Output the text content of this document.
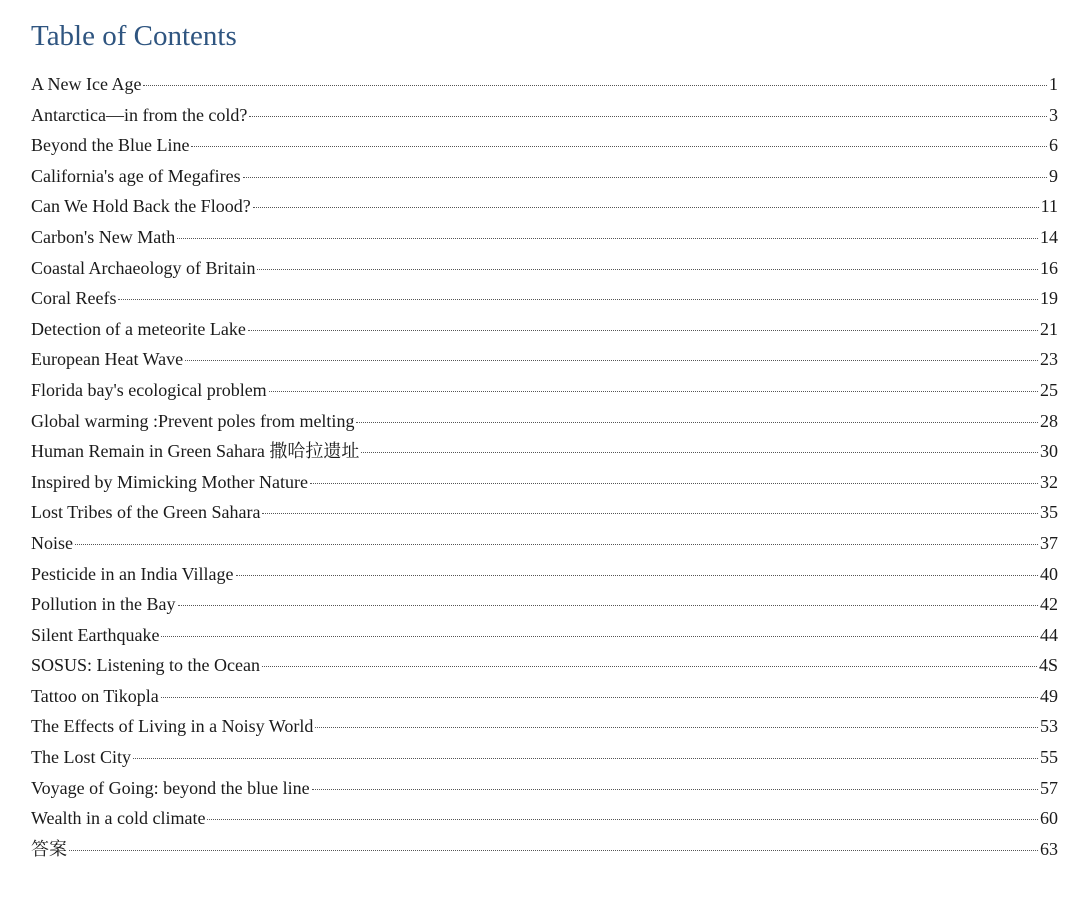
Table of Contents
A New Ice Age	1
Antarctica—in from the cold?	3
Beyond the Blue Line	6
California's age of Megafires	9
Can We Hold Back the Flood?	11
Carbon's New Math	14
Coastal Archaeology of Britain	16
Coral Reefs	19
Detection of a meteorite Lake	21
European Heat Wave	23
Florida bay's ecological problem	25
Global warming :Prevent poles from melting	28
Human Remain in Green Sahara 撒哈拉遗址	30
Inspired by Mimicking Mother Nature	32
Lost Tribes of the Green Sahara	35
Noise	37
Pesticide in an India Village	40
Pollution in the Bay	42
Silent Earthquake	44
SOSUS: Listening to the Ocean	4S
Tattoo on Tikopla	49
The Effects of Living in a Noisy World	53
The Lost City	55
Voyage of Going: beyond the blue line	57
Wealth in a cold climate	60
答案	63
